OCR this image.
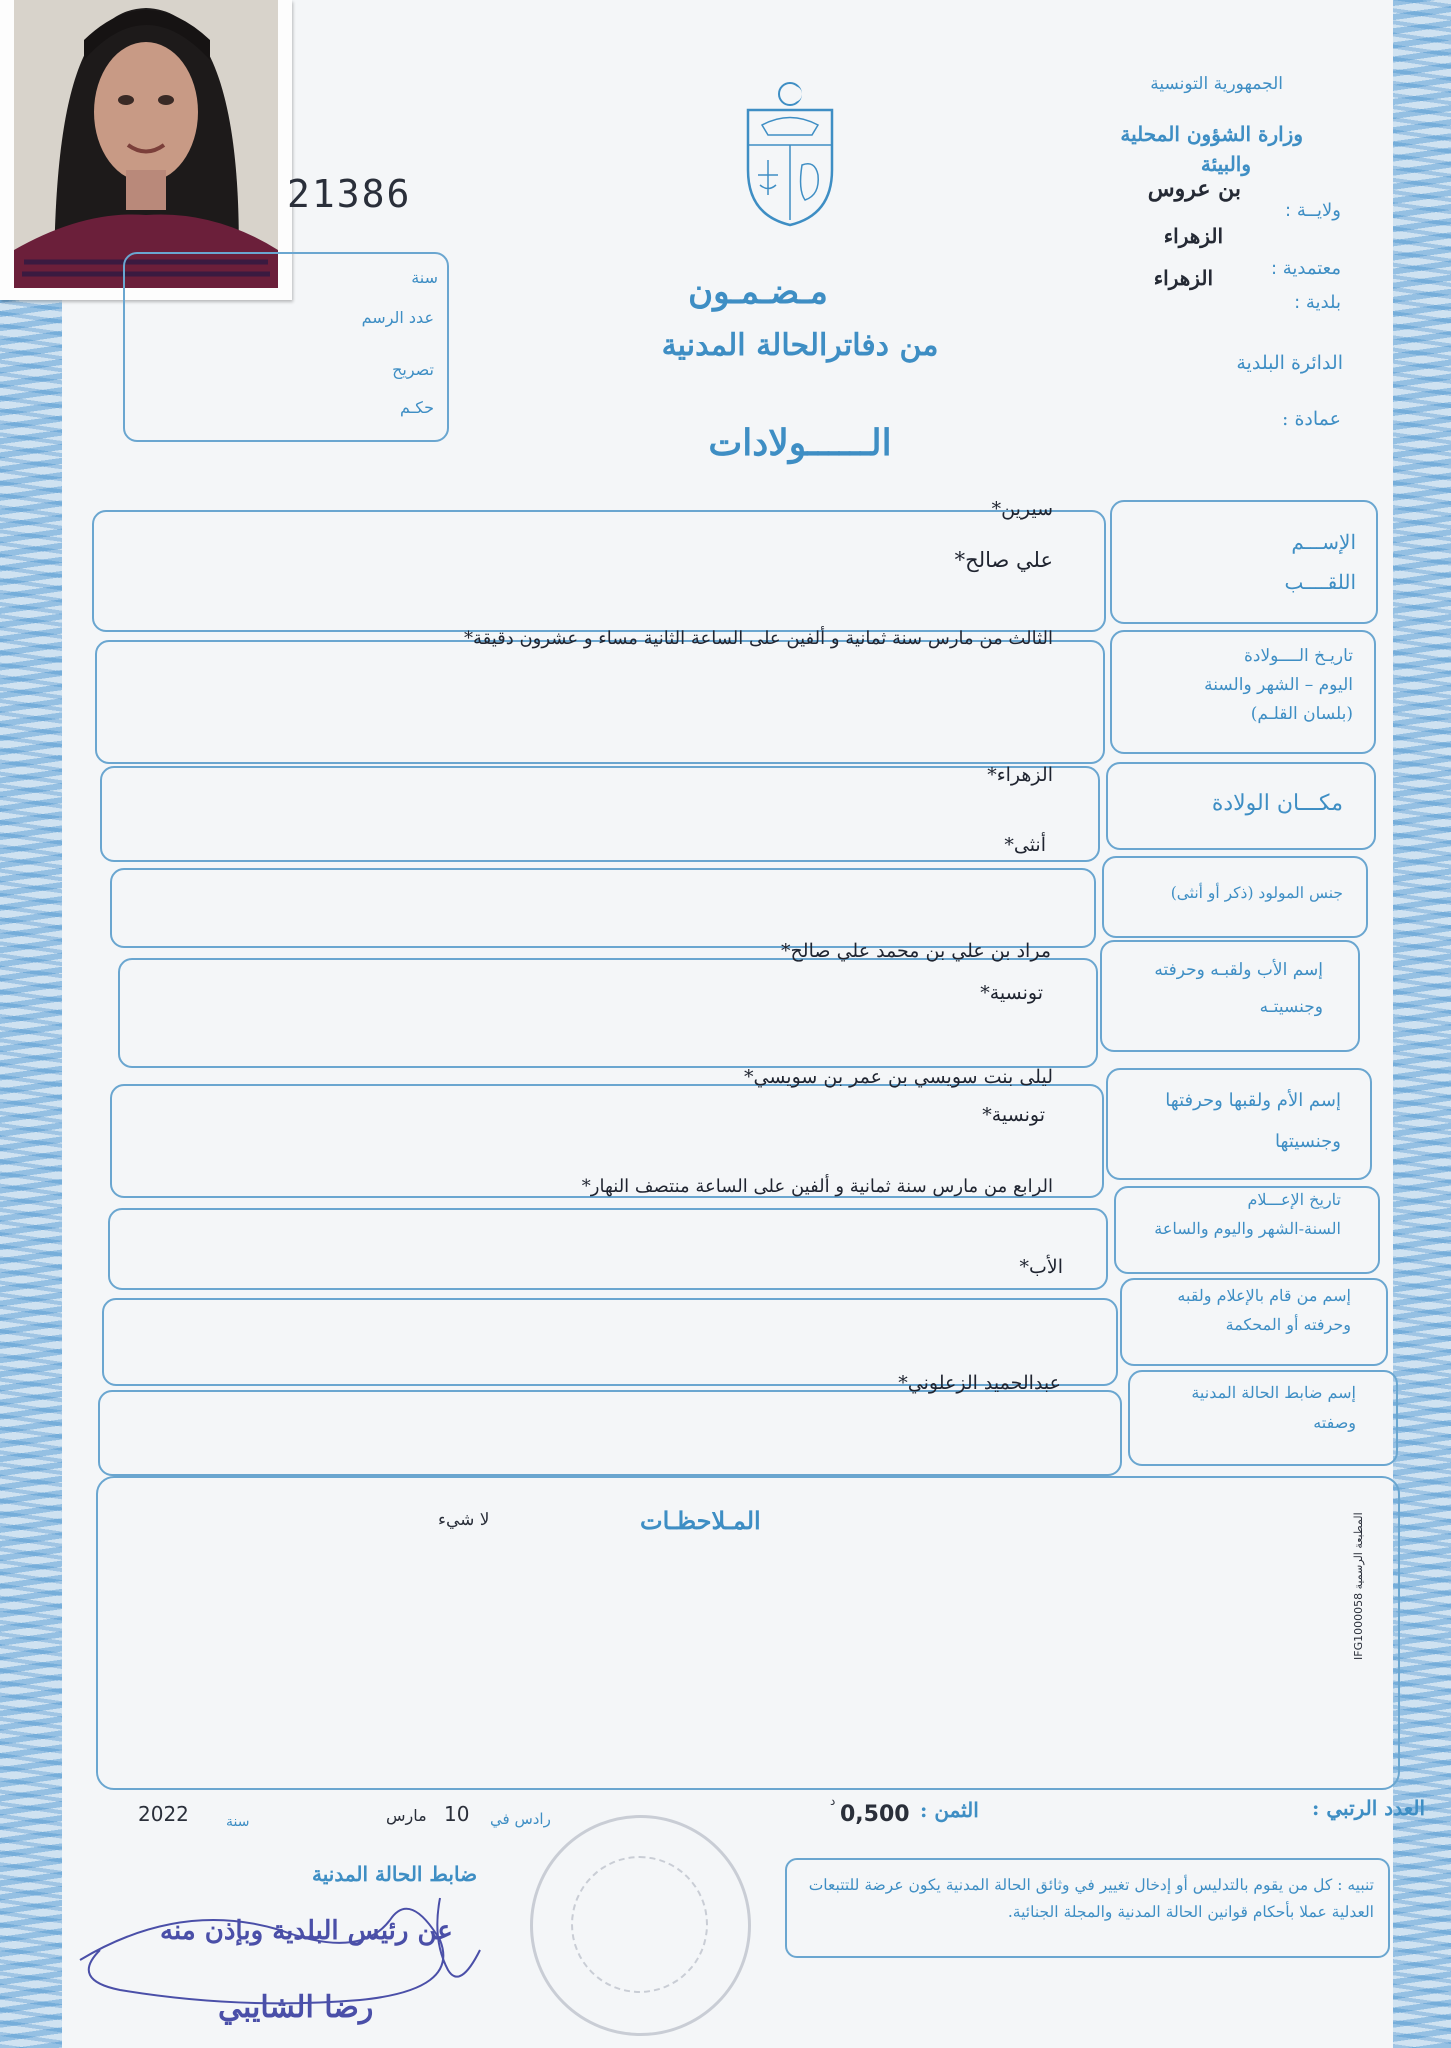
21386
الجمهورية التونسية
وزارة الشؤون المحلية
والبيئة
ولايــة :
بن عروس
الزهراء
معتمدية :
الزهراء
بلدية :
الدائرة البلدية
عمادة :
سنة
عدد الرسم
تصريح
حكـم
مـضـمـون
من دفاترالحالة المدنية
الــــــولادات
الإســـم
اللقــــب
سيرين*
علي صالح*
تاريـخ الــــولادة
اليوم – الشهر والسنة
(بلسان القلـم)
الثالث من مارس سنة ثمانية و ألفين على الساعة الثانية مساء و عشرون دقيقة*
مكـــان الولادة
الزهراء*
جنس المولود (ذكر أو أنثى)
أنثى*
إسم الأب ولقبـه وحرفته
وجنسيتـه
مراد بن علي بن محمد علي صالح*
تونسية*
إسم الأم ولقبها وحرفتها
وجنسيتها
ليلى بنت سويسي بن عمر بن سويسي*
تونسية*
تاريخ الإعـــلام
السنة-الشهر واليوم والساعة
الرابع من مارس سنة ثمانية و ألفين على الساعة منتصف النهار*
إسم من قام بالإعلام ولقبه
وحرفته أو المحكمة
الأب*
إسم ضابط الحالة المدنية
وصفته
عبدالحميد الزعلوني*
المـلاحظـات
لا شيء
المطبعة الرسمية IFG1000058
العدد الرتبي :
الثمن :
0,500
د
رادس في
10
مارس
سنة
2022
ضابط الحالة المدنية
عن رئيس البلدية وبإذن منه
رضا الشايبي
تنبيه : كل من يقوم بالتدليس أو إدخال تغيير في وثائق الحالة المدنية يكون عرضة للتتبعات العدلية عملا بأحكام قوانين الحالة المدنية والمجلة الجنائية.
